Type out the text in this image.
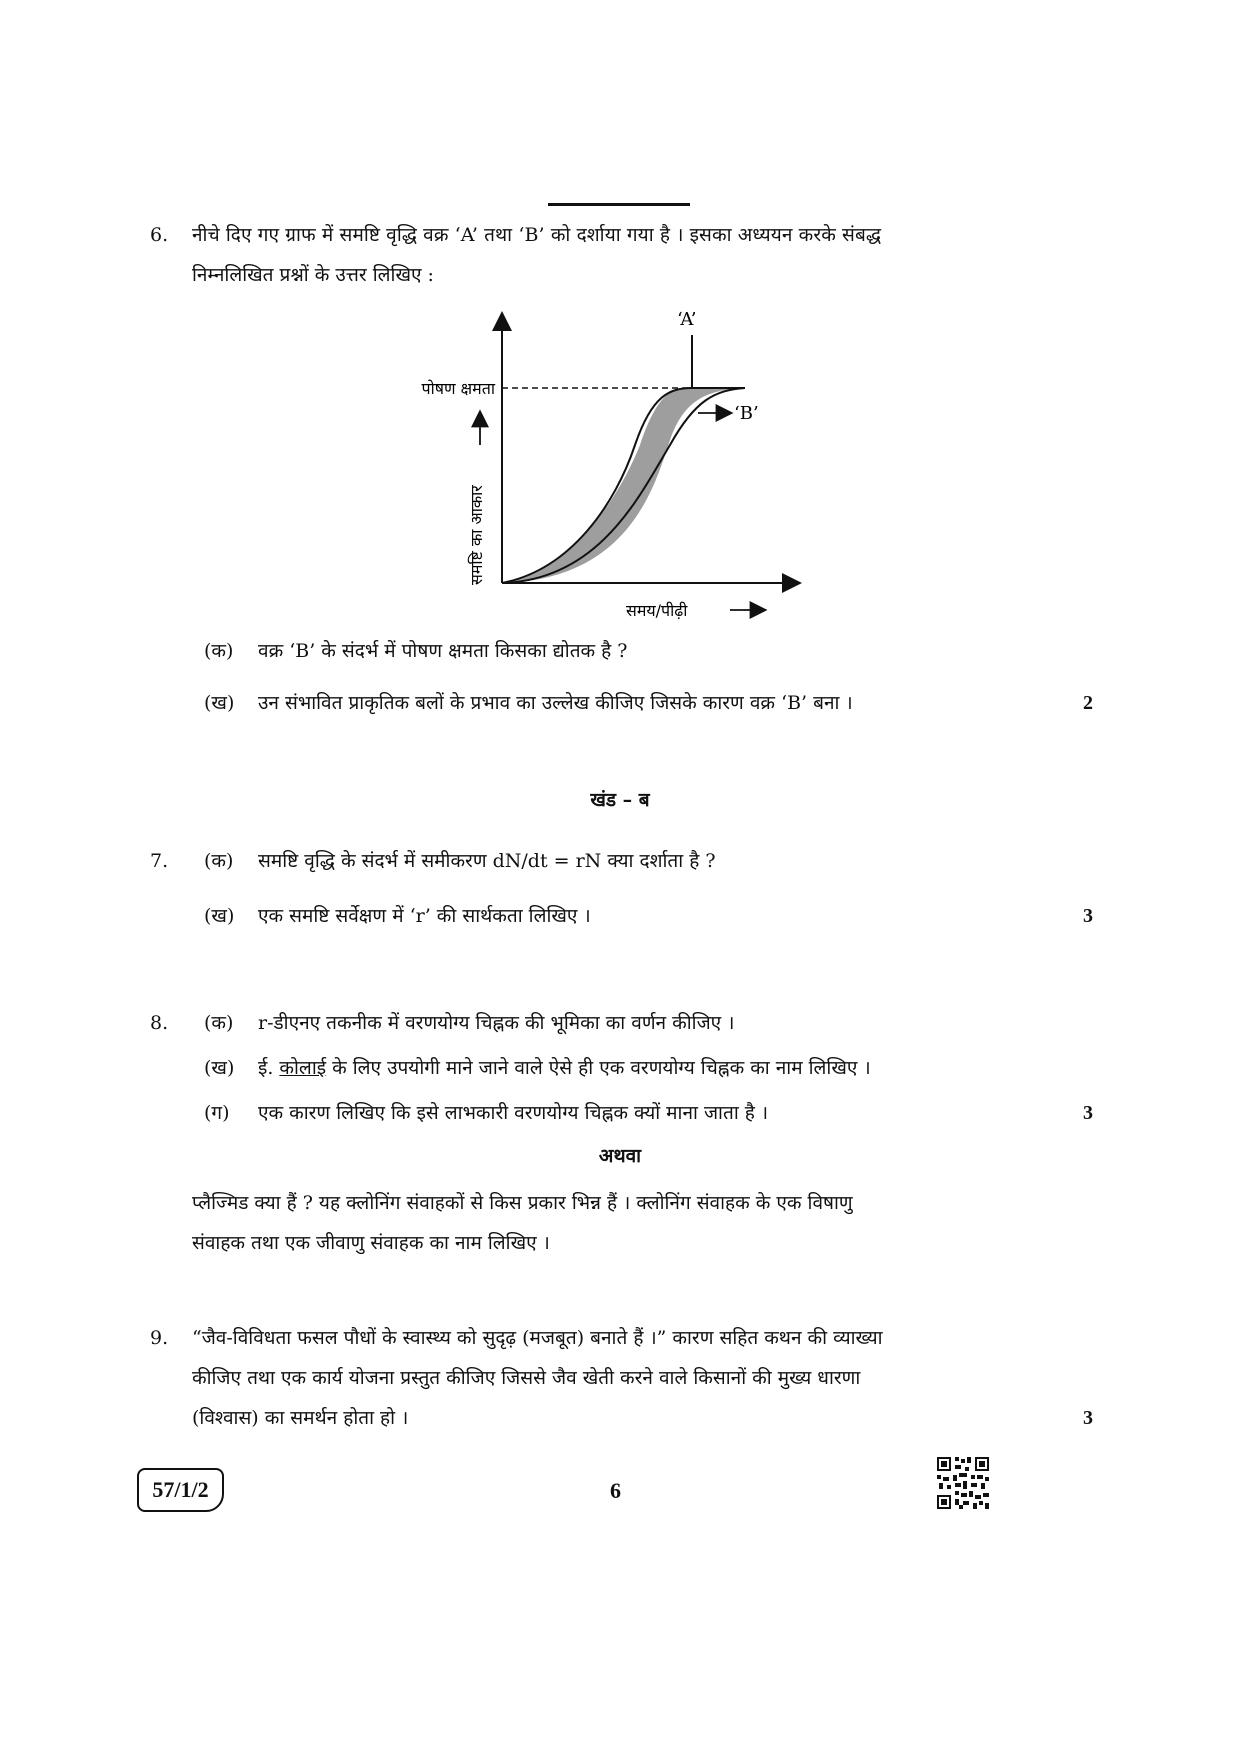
6. नीचे दिए गए ग्राफ में समष्टि वृद्धि वक्र ‘A’ तथा ‘B’ को दर्शाया गया है । इसका अध्ययन करके संबद्ध
निम्नलिखित प्रश्नों के उत्तर लिखिए :
‘A’
‘B’
पोषण क्षमता
समष्टि का आकार
समय/पीढ़ी
(क) वक्र ‘B’ के संदर्भ में पोषण क्षमता किसका द्योतक है ?
(ख) उन संभावित प्राकृतिक बलों के प्रभाव का उल्लेख कीजिए जिसके कारण वक्र ‘B’ बना ।	2
खंड – ब
7. (क) समष्टि वृद्धि के संदर्भ में समीकरण dN/dt = rN क्या दर्शाता है ?
(ख) एक समष्टि सर्वेक्षण में ‘r’ की सार्थकता लिखिए ।	3
8. (क) r-डीएनए तकनीक में वरणयोग्य चिह्नक की भूमिका का वर्णन कीजिए ।
(ख) ई. कोलाई के लिए उपयोगी माने जाने वाले ऐसे ही एक वरणयोग्य चिह्नक का नाम लिखिए ।
(ग) एक कारण लिखिए कि इसे लाभकारी वरणयोग्य चिह्नक क्यों माना जाता है ।	3
अथवा
प्लैज्मिड क्या हैं ? यह क्लोनिंग संवाहकों से किस प्रकार भिन्न हैं । क्लोनिंग संवाहक के एक विषाणु
संवाहक तथा एक जीवाणु संवाहक का नाम लिखिए ।
9. “जैव-विविधता फसल पौधों के स्वास्थ्य को सुदृढ़ (मजबूत) बनाते हैं ।” कारण सहित कथन की व्याख्या
कीजिए तथा एक कार्य योजना प्रस्तुत कीजिए जिससे जैव खेती करने वाले किसानों की मुख्य धारणा
(विश्वास) का समर्थन होता हो ।	3
57/1/2	6
